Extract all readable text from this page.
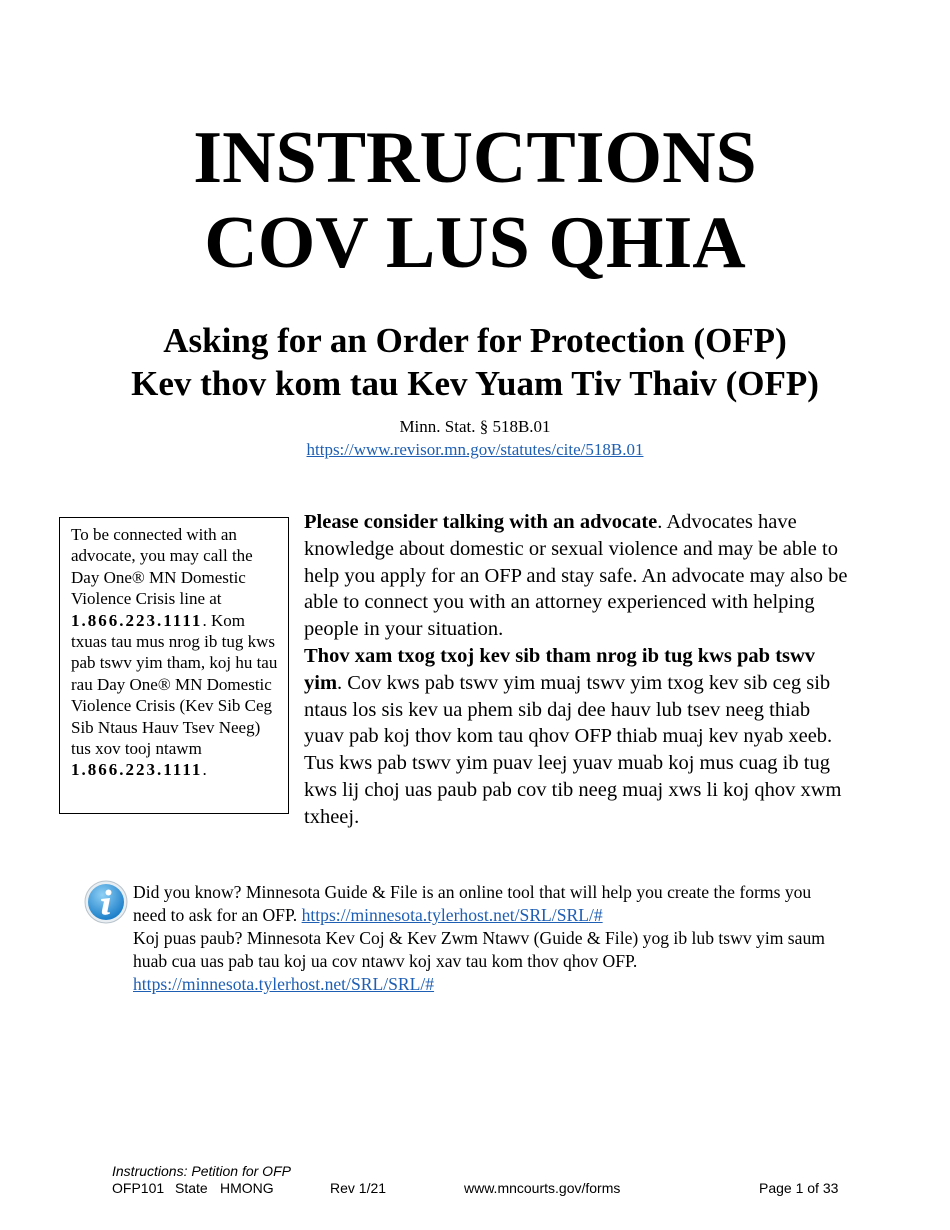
INSTRUCTIONS
COV LUS QHIA
Asking for an Order for Protection (OFP)
Kev thov kom tau Kev Yuam Tiv Thaiv (OFP)
Minn. Stat. § 518B.01
https://www.revisor.mn.gov/statutes/cite/518B.01
To be connected with an advocate, you may call the Day One® MN Domestic Violence Crisis line at
1.866.223.1111. Kom txuas tau mus nrog ib tug kws pab tswv yim tham, koj hu tau rau Day One® MN Domestic Violence Crisis (Kev Sib Ceg Sib Ntaus Hauv Tsev Neeg) tus xov tooj ntawm
1.866.223.1111.

Please consider talking with an advocate. Advocates have knowledge about domestic or sexual violence and may be able to help you apply for an OFP and stay safe. An advocate may also be able to connect you with an attorney experienced with helping people in your situation.

Thov xam txog txoj kev sib tham nrog ib tug kws pab tswv yim. Cov kws pab tswv yim muaj tswv yim txog kev sib ceg sib ntaus los sis kev ua phem sib daj dee hauv lub tsev neeg thiab yuav pab koj thov kom tau qhov OFP thiab muaj kev nyab xeeb. Tus kws pab tswv yim puav leej yuav muab koj mus cuag ib tug kws lij choj uas paub pab cov tib neeg muaj xws li koj qhov xwm txheej.

Did you know? Minnesota Guide & File is an online tool that will help you create the forms you need to ask for an OFP. https://minnesota.tylerhost.net/SRL/SRL/#

Koj puas paub? Minnesota Kev Coj & Kev Zwm Ntawv (Guide & File) yog ib lub tswv yim saum huab cua uas pab tau koj ua cov ntawv koj xav tau kom thov qhov OFP.
https://minnesota.tylerhost.net/SRL/SRL/#

Instructions: Petition for OFP
OFP101 State HMONG	Rev 1/21	www.mncourts.gov/forms	Page 1 of 33
